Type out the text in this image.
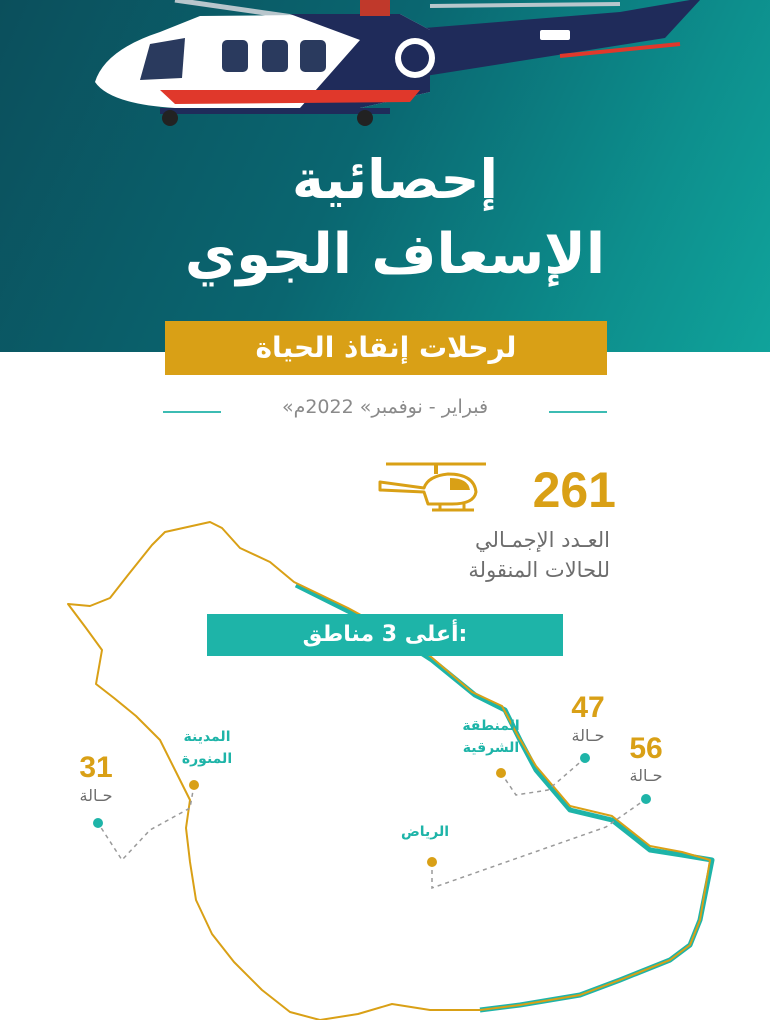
إحصائية
الإسعاف الجوي
لرحلات إنقاذ الحياة
«فبراير - نوفمبر» 2022م
261
العـدد الإجمـالي
للحالات المنقولة
أعلى 3 مناطق:
المنطقة
الشرقية
47
حـالة
الرياض
56
حـالة
المدينة
المنورة
31
حـالة
